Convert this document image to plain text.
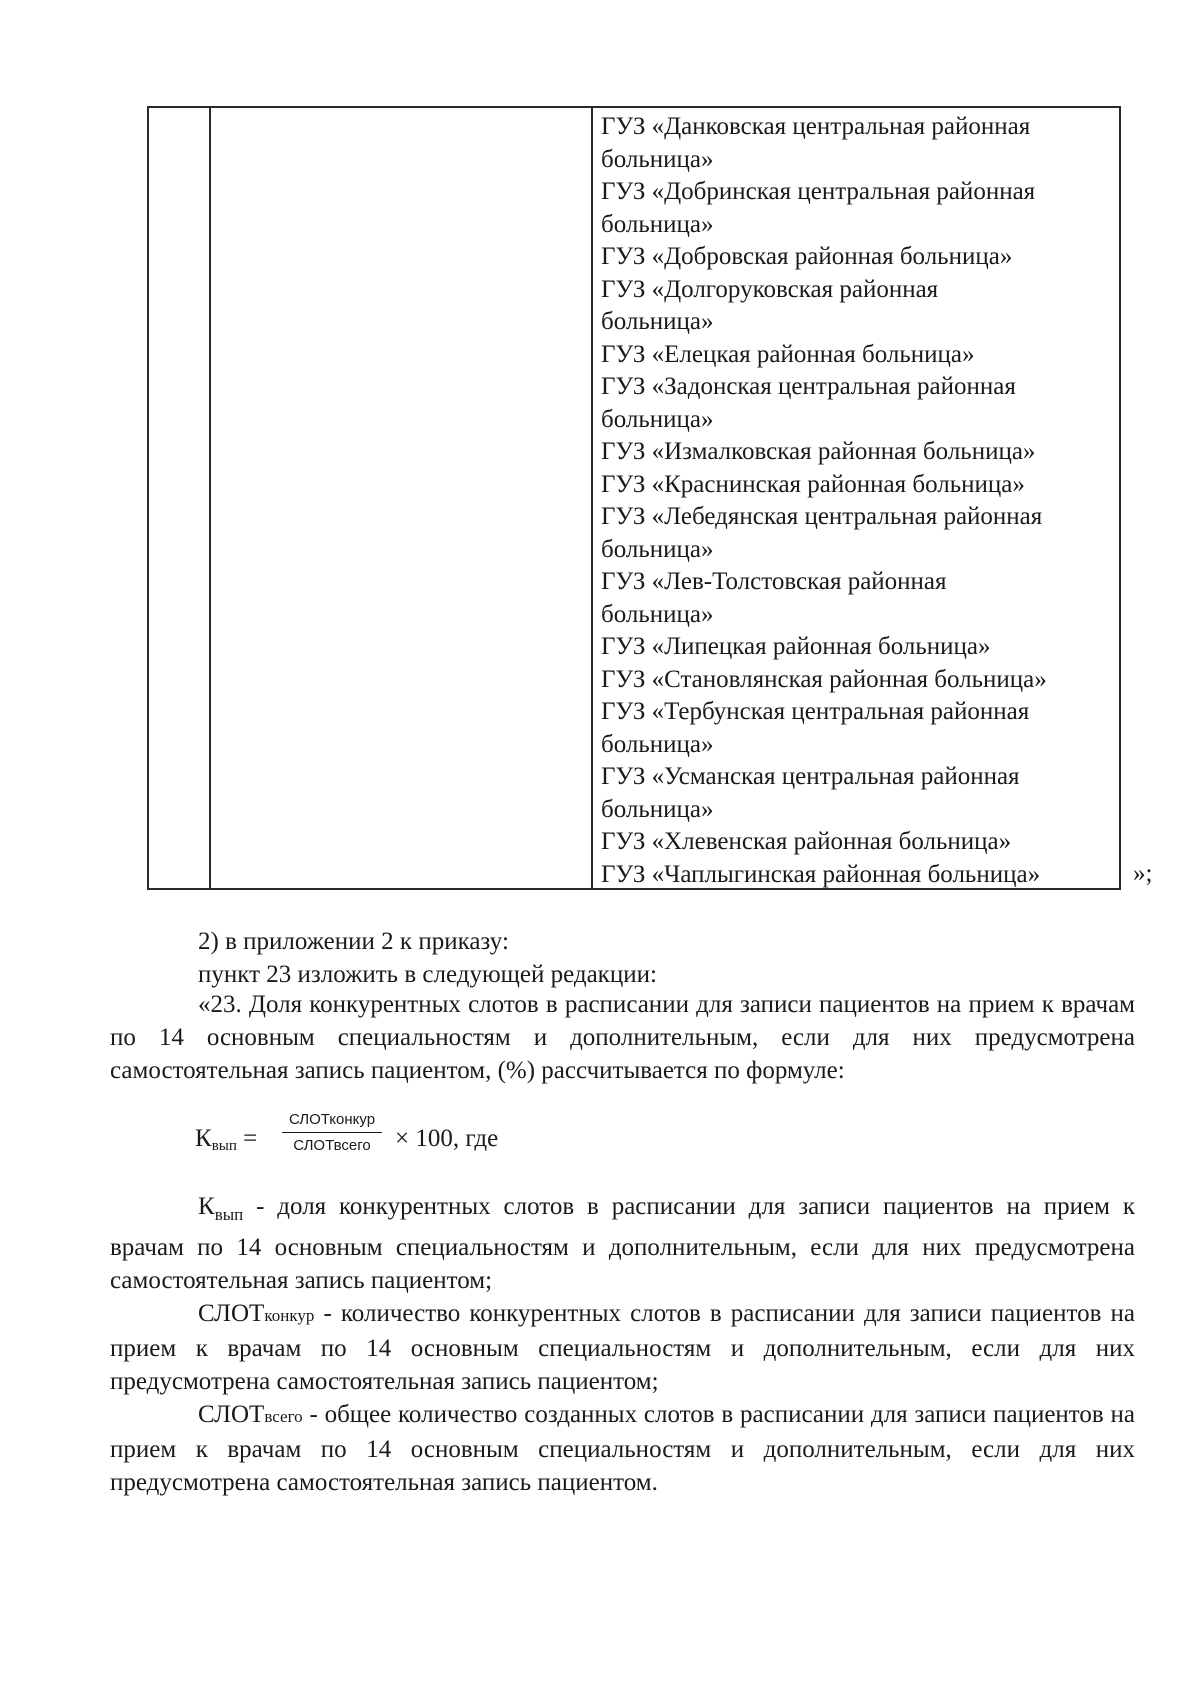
ГУЗ «Данковская центральная районная
больница»
ГУЗ «Добринская центральная районная
больница»
ГУЗ «Добровская районная больница»
ГУЗ «Долгоруковская районная
больница»
ГУЗ «Елецкая районная больница»
ГУЗ «Задонская центральная районная
больница»
ГУЗ «Измалковская районная больница»
ГУЗ «Краснинская районная больница»
ГУЗ «Лебедянская центральная районная
больница»
ГУЗ «Лев-Толстовская районная
больница»
ГУЗ «Липецкая районная больница»
ГУЗ «Становлянская районная больница»
ГУЗ «Тербунская центральная районная
больница»
ГУЗ «Усманская центральная районная
больница»
ГУЗ «Хлевенская районная больница»
ГУЗ «Чаплыгинская районная больница»	»;
2) в приложении 2 к приказу:
пункт 23 изложить в следующей редакции:
«23. Доля конкурентных слотов в расписании для записи пациентов на прием к врачам по 14 основным специальностям и дополнительным, если для них предусмотрена самостоятельная запись пациентом, (%) рассчитывается по формуле:
$К_{вып}$ =
СЛОТконкур
СЛОТвсего × 100, где

$К_{вып}$ - доля конкурентных слотов в расписании для записи пациентов на прием к врачам по 14 основным специальностям и дополнительным, если для них предусмотрена самостоятельная запись пациентом;

СЛОТконкур - количество конкурентных слотов в расписании для записи пациентов на прием к врачам по 14 основным специальностям и дополнительным, если для них предусмотрена самостоятельная запись пациентом;

СЛОТвсего - общее количество созданных слотов в расписании для записи пациентов на прием к врачам по 14 основным специальностям и дополнительным, если для них предусмотрена самостоятельная запись пациентом.
